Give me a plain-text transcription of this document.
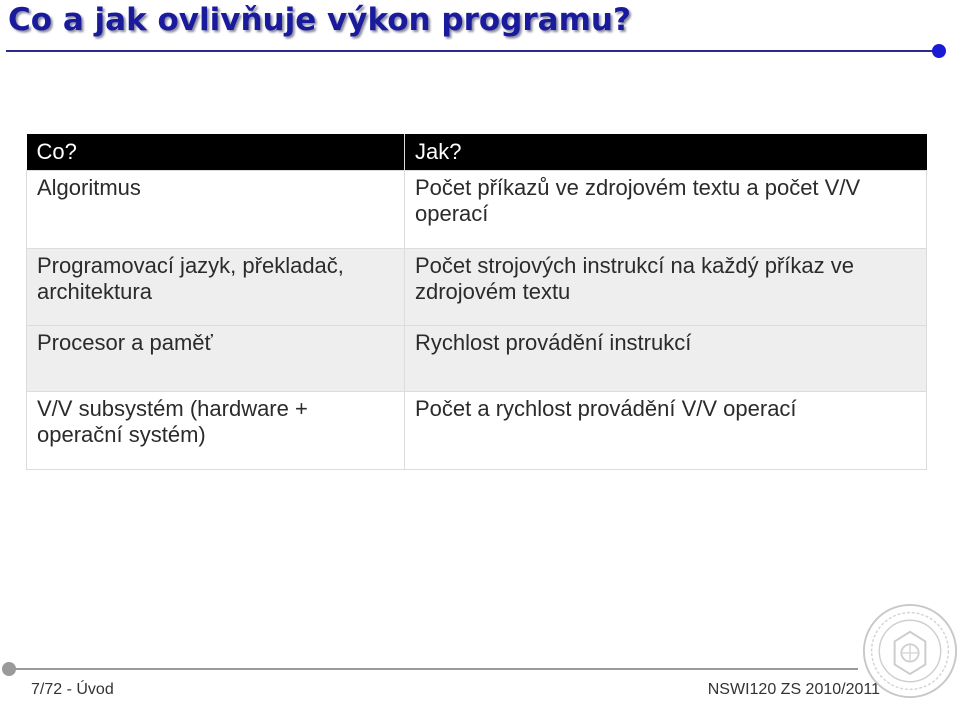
Co a jak ovlivňuje výkon programu?
Co?	Jak?
Algoritmus	Počet příkazů ve zdrojovém textu a počet V/V operací
Programovací jazyk, překladač, architektura	Počet strojových instrukcí na každý příkaz ve zdrojovém textu
Procesor a paměť	Rychlost provádění instrukcí
V/V subsystém (hardware + operační systém)	Počet a rychlost provádění V/V operací
7/72 - Úvod	NSWI120 ZS 2010/2011
